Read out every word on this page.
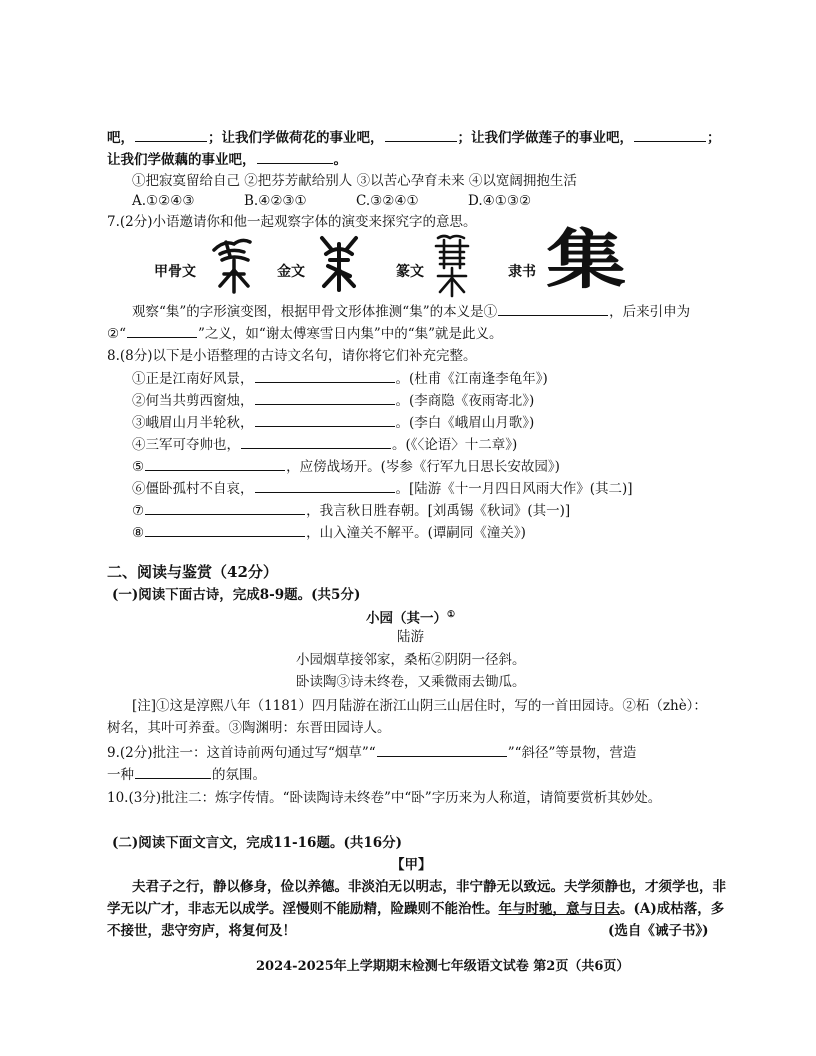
吧，	；让我们学做荷花的事业吧，	；让我们学做莲子的事业吧，	；
让我们学做藕的事业吧，	。
①把寂寞留给自己 ②把芬芳献给别人 ③以苦心孕育未来 ④以宽阔拥抱生活
A.①②④③	B.④②③①	C.③②④①	D.④①③②
7.(2分)小语邀请你和他一起观察字体的演变来探究字的意思。
甲骨文	金文	篆文	隶书 集
观察“集”的字形演变图，根据甲骨文形体推测“集”的本义是①	，后来引申为
②“	”之义，如“谢太傅寒雪日内集”中的“集”就是此义。
8.(8分)以下是小语整理的古诗文名句，请你将它们补充完整。
①正是江南好风景，	。(杜甫《江南逢李龟年》)
②何当共剪西窗烛，	。(李商隐《夜雨寄北》)
③峨眉山月半轮秋，	。(李白《峨眉山月歌》)
④三军可夺帅也，	。(《〈论语〉十二章》)
⑤	，应傍战场开。(岑参《行军九日思长安故园》)
⑥僵卧孤村不自哀，	。[陆游《十一月四日风雨大作》(其二)]
⑦	，我言秋日胜春朝。[刘禹锡《秋词》(其一)]
⑧	，山入潼关不解平。(谭嗣同《潼关》)
二、阅读与鉴赏（42分）
(一)阅读下面古诗，完成8-9题。(共5分)
小园（其一）①
陆游
小园烟草接邻家，桑柘②阴阴一径斜。
卧读陶③诗未终卷，又乘微雨去锄瓜。
[注]①这是淳熙八年（1181）四月陆游在浙江山阴三山居住时，写的一首田园诗。②柘（zhè）：
树名，其叶可养蚕。③陶渊明：东晋田园诗人。
9.(2分)批注一：这首诗前两句通过写“烟草”“	”“斜径”等景物，营造
一种	的氛围。
10.(3分)批注二：炼字传情。“卧读陶诗未终卷”中“卧”字历来为人称道，请简要赏析其妙处。
(二)阅读下面文言文，完成11-16题。(共16分)
【甲】
夫君子之行，静以修身，俭以养德。非淡泊无以明志，非宁静无以致远。夫学须静也，才须学也，非
学无以广才，非志无以成学。淫慢则不能励精，险躁则不能治性。年与时驰，意与日去。(A)成枯落，多
不接世，悲守穷庐，将复何及！	(选自《诫子书》)
2024-2025年上学期期末检测七年级语文试卷 第2页（共6页）
